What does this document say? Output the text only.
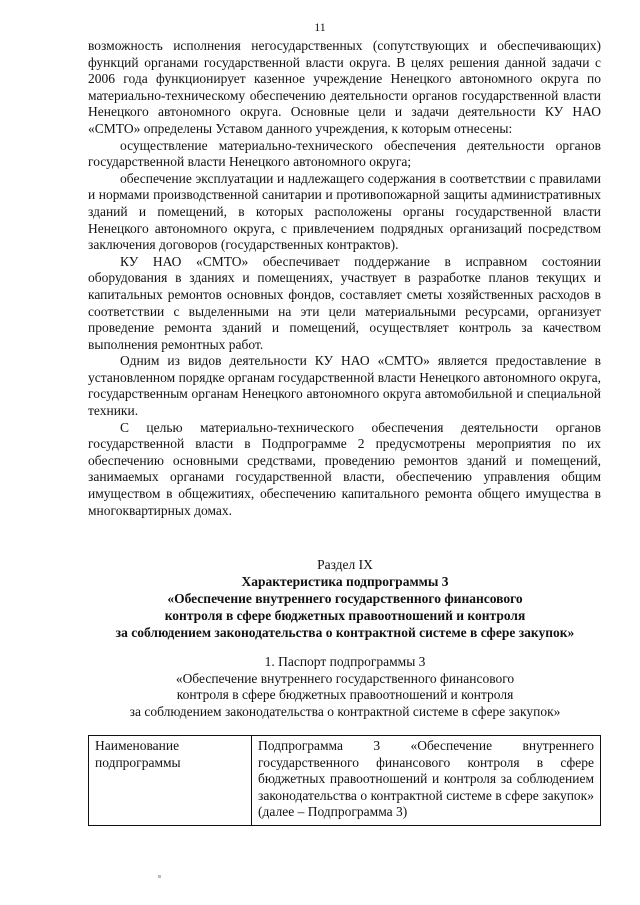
11

возможность исполнения негосударственных (сопутствующих и обеспечивающих) функций органами государственной власти округа. В целях решения данной задачи с 2006 года функционирует казенное учреждение Ненецкого автономного округа по материально-техническому обеспечению деятельности органов государственной власти Ненецкого автономного округа. Основные цели и задачи деятельности КУ НАО «СМТО» определены Уставом данного учреждения, к которым отнесены:

осуществление материально-технического обеспечения деятельности органов государственной власти Ненецкого автономного округа;

обеспечение эксплуатации и надлежащего содержания в соответствии с правилами и нормами производственной санитарии и противопожарной защиты административных зданий и помещений, в которых расположены органы государственной власти Ненецкого автономного округа, с привлечением подрядных организаций посредством заключения договоров (государственных контрактов).

КУ НАО «СМТО» обеспечивает поддержание в исправном состоянии оборудования в зданиях и помещениях, участвует в разработке планов текущих и капитальных ремонтов основных фондов, составляет сметы хозяйственных расходов в соответствии с выделенными на эти цели материальными ресурсами, организует проведение ремонта зданий и помещений, осуществляет контроль за качеством выполнения ремонтных работ.

Одним из видов деятельности КУ НАО «СМТО» является предоставление в установленном порядке органам государственной власти Ненецкого автономного округа, государственным органам Ненецкого автономного округа автомобильной и специальной техники.

С целью материально-технического обеспечения деятельности органов государственной власти в Подпрограмме 2 предусмотрены мероприятия по их обеспечению основными средствами, проведению ремонтов зданий и помещений, занимаемых органами государственной власти, обеспечению управления общим имуществом в общежитиях, обеспечению капитального ремонта общего имущества в многоквартирных домах.

Раздел IX
Характеристика подпрограммы 3
«Обеспечение внутреннего государственного финансового
контроля в сфере бюджетных правоотношений и контроля
за соблюдением законодательства о контрактной системе в сфере закупок»
1. Паспорт подпрограммы 3
«Обеспечение внутреннего государственного финансового
контроля в сфере бюджетных правоотношений и контроля
за соблюдением законодательства о контрактной системе в сфере закупок»
Наименование подпрограммы	Подпрограмма 3 «Обеспечение внутреннего государственного финансового контроля в сфере бюджетных правоотношений и контроля за соблюдением законодательства о контрактной системе в сфере закупок» (далее – Подпрограмма 3)
